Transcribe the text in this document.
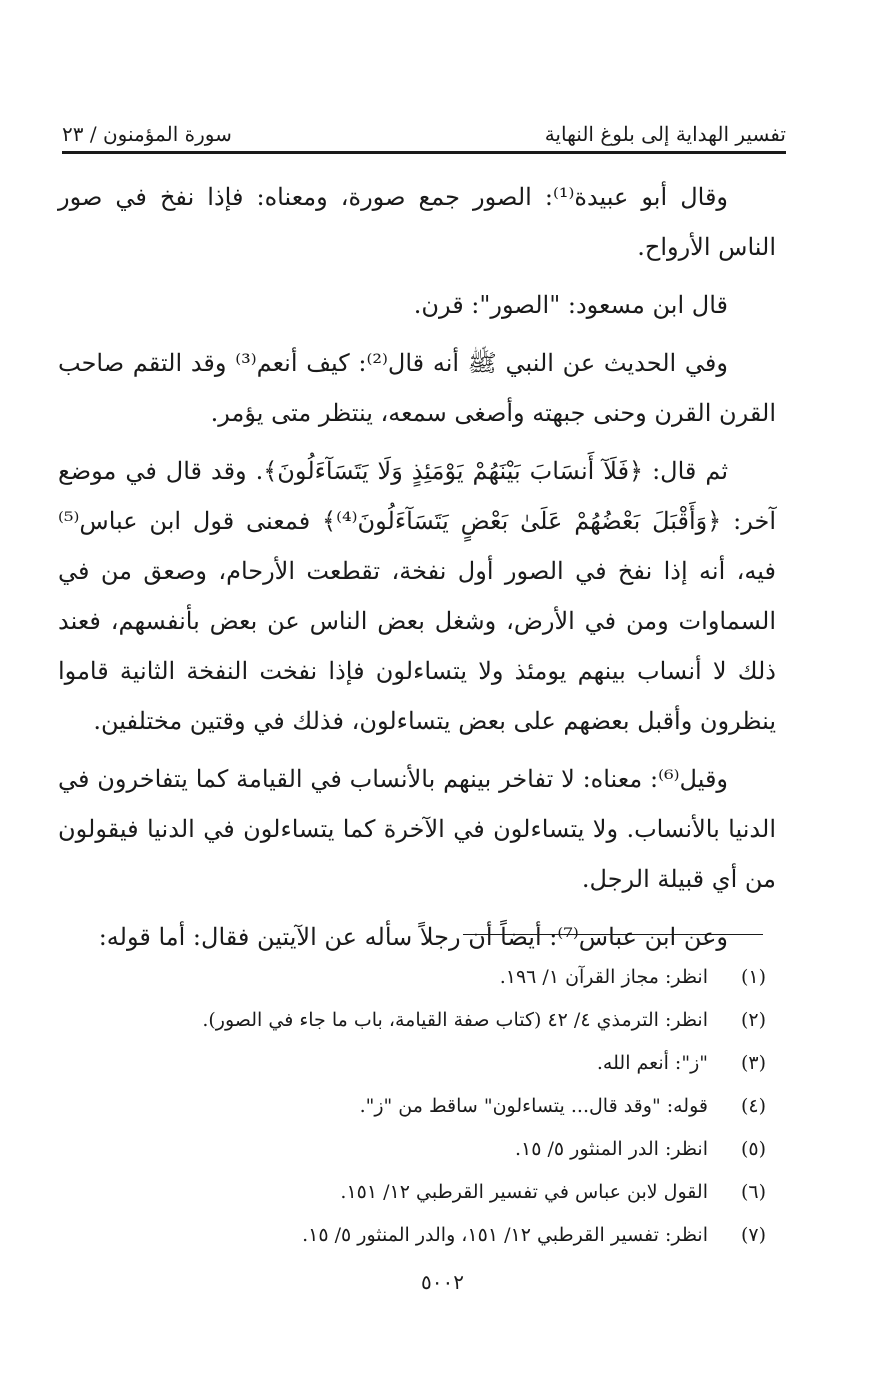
تفسير الهداية إلى بلوغ النهاية
سورة المؤمنون / ٢٣

وقال أبو عبيدة⁽¹⁾: الصور جمع صورة، ومعناه: فإذا نفخ في صور الناس الأرواح.

قال ابن مسعود: "الصور": قرن.

وفي الحديث عن النبي ﷺ أنه قال⁽²⁾: كيف أنعم⁽³⁾ وقد التقم صاحب القرن القرن وحنى جبهته وأصغى سمعه، ينتظر متى يؤمر.

ثم قال: ﴿فَلَآ أَنسَابَ بَيْنَهُمْ يَوْمَئِذٍ وَلَا يَتَسَآءَلُونَ﴾. وقد قال في موضع آخر: ﴿وَأَقْبَلَ بَعْضُهُمْ عَلَىٰ بَعْضٍ يَتَسَآءَلُونَ⁽⁴⁾﴾ فمعنى قول ابن عباس⁽⁵⁾ فيه، أنه إذا نفخ في الصور أول نفخة، تقطعت الأرحام، وصعق من في السماوات ومن في الأرض، وشغل بعض الناس عن بعض بأنفسهم، فعند ذلك لا أنساب بينهم يومئذ ولا يتساءلون فإذا نفخت النفخة الثانية قاموا ينظرون وأقبل بعضهم على بعض يتساءلون، فذلك في وقتين مختلفين.

وقيل⁽⁶⁾: معناه: لا تفاخر بينهم بالأنساب في القيامة كما يتفاخرون في الدنيا بالأنساب. ولا يتساءلون في الآخرة كما يتساءلون في الدنيا فيقولون من أي قبيلة الرجل.

وعن ابن عباس⁽⁷⁾: أيضاً أن رجلاً سأله عن الآيتين فقال: أما قوله:

(١)
انظر: مجاز القرآن ١/ ١٩٦.
(٢)
انظر: الترمذي ٤/ ٤٢ (كتاب صفة القيامة، باب ما جاء في الصور).
(٣)
"ز": أنعم الله.
(٤)
قوله: "وقد قال... يتساءلون" ساقط من "ز".
(٥)
انظر: الدر المنثور ٥/ ١٥.
(٦)
القول لابن عباس في تفسير القرطبي ١٢/ ١٥١.
(٧)
انظر: تفسير القرطبي ١٢/ ١٥١، والدر المنثور ٥/ ١٥.
٥٠٠٢
